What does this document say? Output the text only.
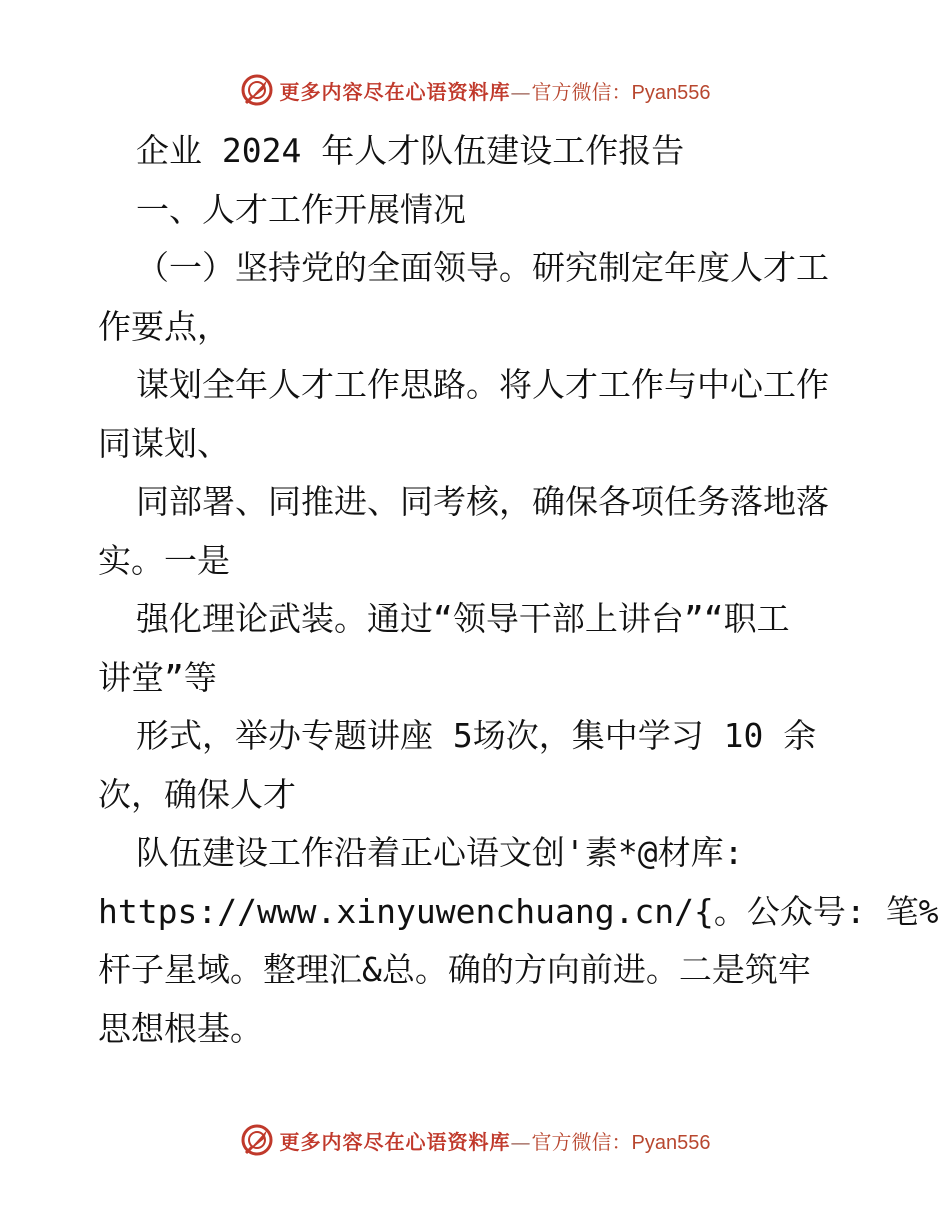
更多内容尽在心语资料库—官方微信：Pyan556
企业 2024 年人才队伍建设工作报告
一、人才工作开展情况
（一）坚持党的全面领导。研究制定年度人才工
作要点，
谋划全年人才工作思路。将人才工作与中心工作
同谋划、
同部署、同推进、同考核，确保各项任务落地落
实。一是
强化理论武装。通过“领导干部上讲台”“职工
讲堂”等
形式，举办专题讲座 5场次，集中学习 10 余
次，确保人才
队伍建设工作沿着正心语文创'素*@材库:
https://www.xinyuwenchuang.cn/{。公众号: 笔%
杆子星域。整理汇&总。确的方向前进。二是筑牢
思想根基。
更多内容尽在心语资料库—官方微信：Pyan556
